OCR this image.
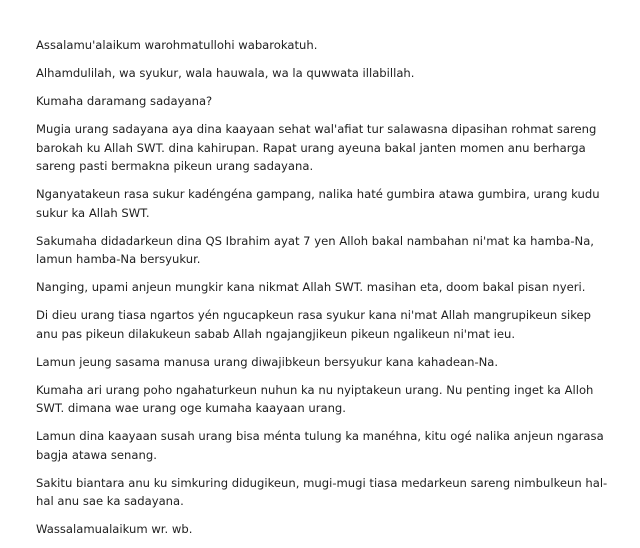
Assalamu'alaikum warohmatullohi wabarokatuh.

Alhamdulilah, wa syukur, wala hauwala, wa la quwwata illabillah.

Kumaha daramang sadayana?

Mugia urang sadayana aya dina kaayaan sehat wal'afiat tur salawasna dipasihan rohmat sareng barokah ku Allah SWT. dina kahirupan. Rapat urang ayeuna bakal janten momen anu berharga sareng pasti bermakna pikeun urang sadayana.

Nganyatakeun rasa sukur kadéngéna gampang, nalika haté gumbira atawa gumbira, urang kudu sukur ka Allah SWT.

Sakumaha didadarkeun dina QS Ibrahim ayat 7 yen Alloh bakal nambahan ni'mat ka hamba-Na, lamun hamba-Na bersyukur.

Nanging, upami anjeun mungkir kana nikmat Allah SWT. masihan eta, doom bakal pisan nyeri.

Di dieu urang tiasa ngartos yén ngucapkeun rasa syukur kana ni'mat Allah mangrupikeun sikep anu pas pikeun dilakukeun sabab Allah ngajangjikeun pikeun ngalikeun ni'mat ieu.

Lamun jeung sasama manusa urang diwajibkeun bersyukur kana kahadean-Na.

Kumaha ari urang poho ngahaturkeun nuhun ka nu nyiptakeun urang. Nu penting inget ka Alloh SWT. dimana wae urang oge kumaha kaayaan urang.

Lamun dina kaayaan susah urang bisa ménta tulung ka manéhna, kitu ogé nalika anjeun ngarasa bagja atawa senang.

Sakitu biantara anu ku simkuring didugikeun, mugi-mugi tiasa medarkeun sareng nimbulkeun hal-hal anu sae ka sadayana.

Wassalamualaikum wr. wb.
